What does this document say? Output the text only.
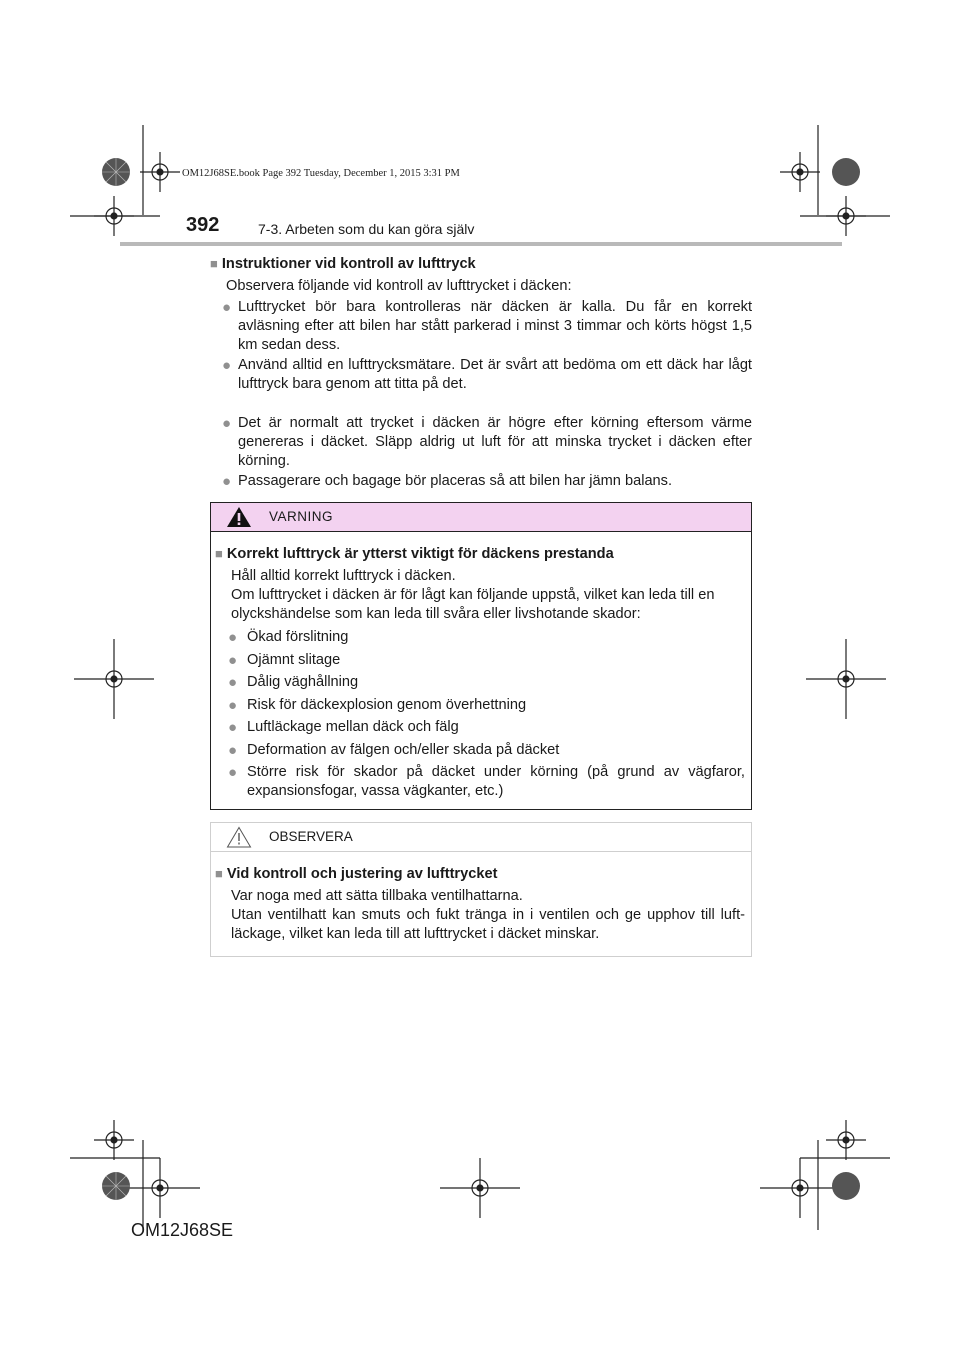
OM12J68SE.book Page 392 Tuesday, December 1, 2015 3:31 PM
392	7-3. Arbeten som du kan göra själv
■ Instruktioner vid kontroll av lufttryck
Observera följande vid kontroll av lufttrycket i däcken:
● Lufttrycket bör bara kontrolleras när däcken är kalla. Du får en korrekt avläsning efter att bilen har stått parkerad i minst 3 timmar och körts högst 1,5 km sedan dess.
● Använd alltid en lufttrycksmätare. Det är svårt att bedöma om ett däck har lågt lufttryck bara genom att titta på det.
● Det är normalt att trycket i däcken är högre efter körning eftersom värme genereras i däcket. Släpp aldrig ut luft för att minska trycket i däcken efter körning.
● Passagerare och bagage bör placeras så att bilen har jämn balans.
VARNING
■ Korrekt lufttryck är ytterst viktigt för däckens prestanda
Håll alltid korrekt lufttryck i däcken.
Om lufttrycket i däcken är för lågt kan följande uppstå, vilket kan leda till en olyckshändelse som kan leda till svåra eller livshotande skador:
● Ökad förslitning
● Ojämnt slitage
● Dålig väghållning
● Risk för däckexplosion genom överhettning
● Luftläckage mellan däck och fälg
● Deformation av fälgen och/eller skada på däcket
● Större risk för skador på däcket under körning (på grund av vägfaror, expansionsfogar, vassa vägkanter, etc.)
OBSERVERA
■ Vid kontroll och justering av lufttrycket
Var noga med att sätta tillbaka ventilhattarna.
Utan ventilhatt kan smuts och fukt tränga in i ventilen och ge upphov till luft-läckage, vilket kan leda till att lufttrycket i däcket minskar.
OM12J68SE
